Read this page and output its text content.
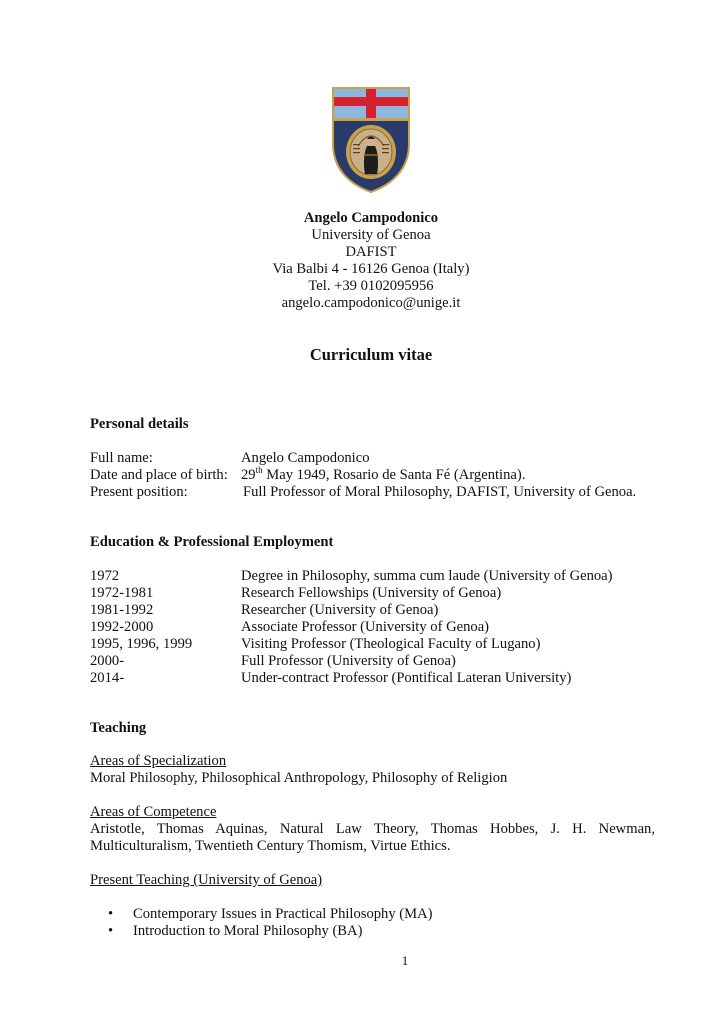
Angelo Campodonico
University of Genoa
DAFIST
Via Balbi 4 - 16126 Genoa (Italy)
Tel. +39 0102095956
angelo.campodonico@unige.it
Curriculum vitae
Personal details
Full name:	Angelo Campodonico
Date and place of birth: 29th May 1949, Rosario de Santa Fé (Argentina).
Present position:	Full Professor of Moral Philosophy, DAFIST, University of Genoa.
Education & Professional Employment
1972	Degree in Philosophy, summa cum laude (University of Genoa)
1972-1981	Research Fellowships (University of Genoa)
1981-1992	Researcher (University of Genoa)
1992-2000	Associate Professor (University of Genoa)
1995, 1996, 1999	Visiting Professor (Theological Faculty of Lugano)
2000-	Full Professor (University of Genoa)
2014-	Under-contract Professor (Pontifical Lateran University)
Teaching
Areas of Specialization
Moral Philosophy, Philosophical Anthropology, Philosophy of Religion
Areas of Competence
Aristotle, Thomas Aquinas, Natural Law Theory, Thomas Hobbes, J. H. Newman, Multiculturalism, Twentieth Century Thomism, Virtue Ethics.
Present Teaching (University of Genoa)
• Contemporary Issues in Practical Philosophy (MA)
• Introduction to Moral Philosophy (BA)
1
